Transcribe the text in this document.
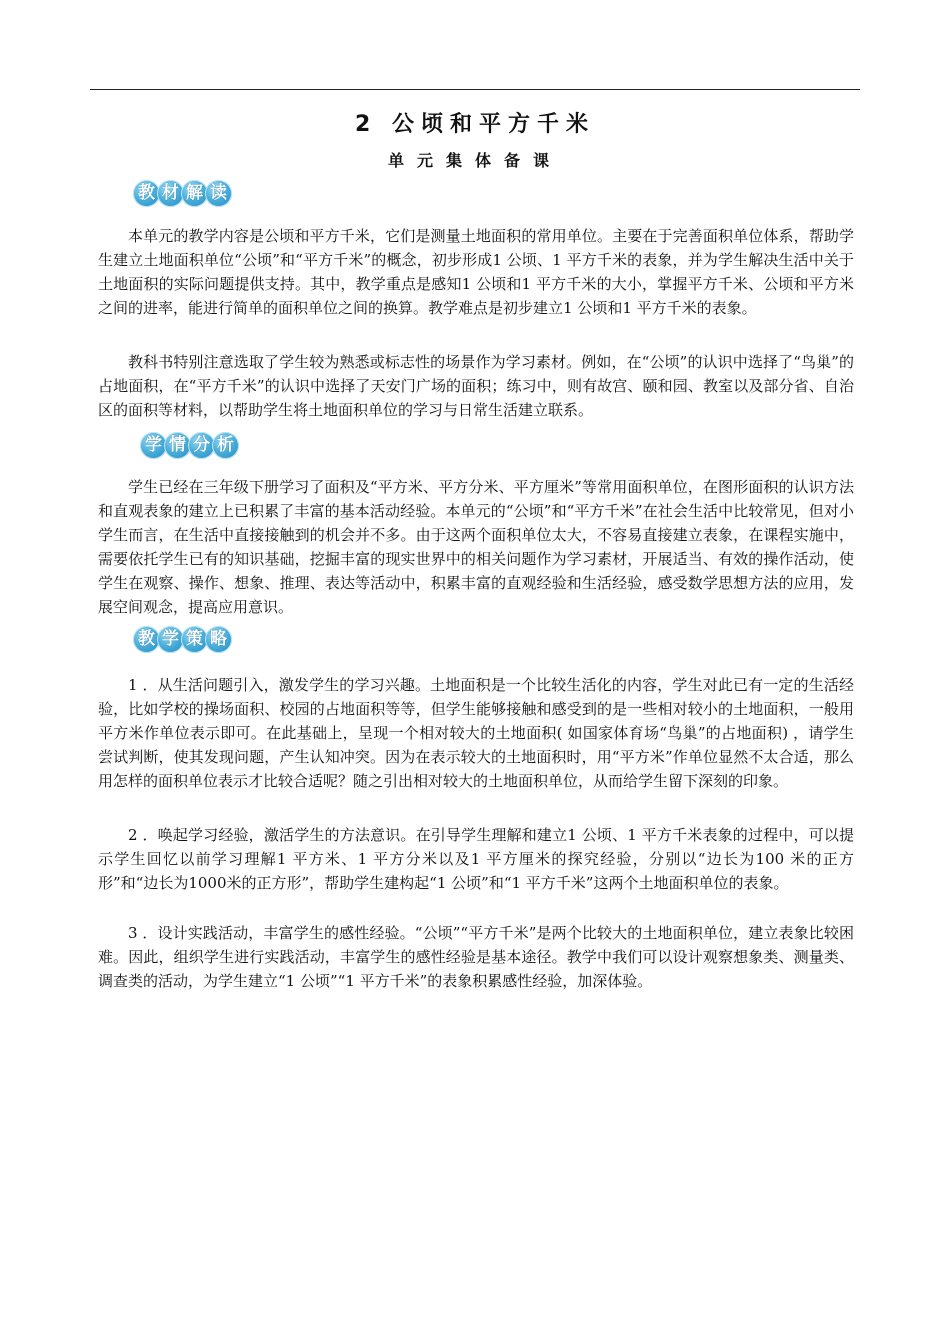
2 公顷和平方千米
单元集体备课
教 材 解 读

本单元的教学内容是公顷和平方千米，它们是测量土地面积的常用单位。主要在于完善面积单位体系，帮助学生建立土地面积单位“公顷”和“平方千米”的概念，初步形成1 公顷、1 平方千米的表象，并为学生解决生活中关于土地面积的实际问题提供支持。其中，教学重点是感知1 公顷和1 平方千米的大小，掌握平方千米、公顷和平方米之间的进率，能进行简单的面积单位之间的换算。教学难点是初步建立1 公顷和1 平方千米的表象。

教科书特别注意选取了学生较为熟悉或标志性的场景作为学习素材。例如，在“公顷”的认识中选择了“鸟巢”的占地面积，在“平方千米”的认识中选择了天安门广场的面积；练习中，则有故宫、颐和园、教室以及部分省、自治区的面积等材料，以帮助学生将土地面积单位的学习与日常生活建立联系。

学 情 分 析

学生已经在三年级下册学习了面积及“平方米、平方分米、平方厘米”等常用面积单位，在图形面积的认识方法和直观表象的建立上已积累了丰富的基本活动经验。本单元的“公顷”和“平方千米”在社会生活中比较常见，但对小学生而言，在生活中直接接触到的机会并不多。由于这两个面积单位太大，不容易直接建立表象，在课程实施中，需要依托学生已有的知识基础，挖掘丰富的现实世界中的相关问题作为学习素材，开展适当、有效的操作活动，使学生在观察、操作、想象、推理、表达等活动中，积累丰富的直观经验和生活经验，感受数学思想方法的应用，发展空间观念，提高应用意识。

教 学 策 略

1 ．从生活问题引入，激发学生的学习兴趣。土地面积是一个比较生活化的内容，学生对此已有一定的生活经验，比如学校的操场面积、校园的占地面积等等，但学生能够接触和感受到的是一些相对较小的土地面积，一般用平方米作单位表示即可。在此基础上，呈现一个相对较大的土地面积( 如国家体育场“鸟巢”的占地面积) ，请学生尝试判断，使其发现问题，产生认知冲突。因为在表示较大的土地面积时，用“平方米”作单位显然不太合适，那么用怎样的面积单位表示才比较合适呢？随之引出相对较大的土地面积单位，从而给学生留下深刻的印象。

2 ．唤起学习经验，激活学生的方法意识。在引导学生理解和建立1 公顷、1 平方千米表象的过程中，可以提示学生回忆以前学习理解1 平方米、1 平方分米以及1 平方厘米的探究经验，分别以“边长为100 米的正方形”和“边长为1000米的正方形”，帮助学生建构起“1 公顷”和“1 平方千米”这两个土地面积单位的表象。

3 ．设计实践活动，丰富学生的感性经验。“公顷”“平方千米”是两个比较大的土地面积单位，建立表象比较困难。因此，组织学生进行实践活动，丰富学生的感性经验是基本途径。教学中我们可以设计观察想象类、测量类、调查类的活动，为学生建立“1 公顷”“1 平方千米”的表象积累感性经验，加深体验。
